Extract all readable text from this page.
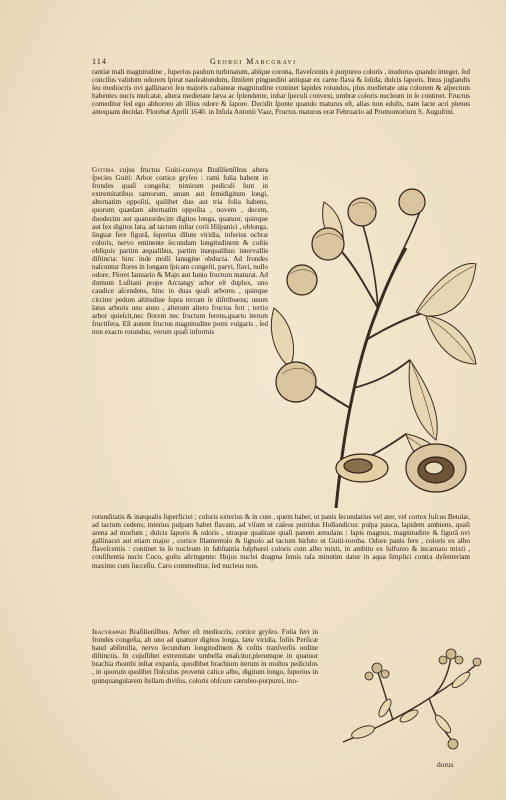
114	Georgi Marcgravi

rantiæ mali magnitudine , ſuperius paulum turbinatum, abſque corona, flaveſcentis è purpureo coloris , inodorus quando integer, ſed conciſus validum odorem ſpirat nauſeabundum, ſimilem pinguedini antiquæ ex carne flava & ſolida, dulcis ſaporis. Intus juglandis ſeu mediocris ovi gallinacei ſeu majoris caſtaneæ magnitudine continet lapides rotundos, plus medietate una colorem & aſpectum habentes nucis muſcatæ, altera medietate læva ac ſplendente, inſtar ſpeculi convexi, umbræ coloris nucleum in ſe continet. Fructus comeditur ſed ego abhorreo ab illius odore & ſapore. Decidit ſponte quando maturus eſt, alias non edulis, nam lacte acri plenus antequam decidat. Florebat Aprili 1640. in Inſula Antonii Vaaz, Fructus maturus erat Februario ad Promontorium S. Auguſtini.

Gvitiba cujus fructus Guiti-coroya Braſilienſibus altera ſpecies Guiti: Arbor cortice gryſeo : rami folia habent in frondes quaſi congeſta: nimirum pediculi ſunt in extremitatibus ramorum, unum aut ſemidigitum longi, alternatim oppoſiti, quilibet duo aut tria folia habens, quorum quædam alternatim oppoſita , novem , decem, duodecim aut quatuordecim digitos longa, quatuor, quinque aut ſex digitos lata, ad tactum inſtar corii Hiſpanici , oblonga, linguæ fere figurâ, ſuperius dilute viridia, inferius ochræ coloris, nervo eminente ſecundum longitudinem & coſtis obliquis partim æqualibus, partim inæqualibus intervallis diſtincta: hinc inde molli lanugine obducta. Ad frondes naſcuntur flores in longam ſpicam congeſti, parvi, flavi, nullo odore. Floret Ianuario & Majo aut Iunio fructum maturat. Ad domum Luſitani prope Arctangy arbor eſt duplex, uno caudice aſcendens, hinc in duas quaſi arbores , quinque circiter pedum altitudine ſupra terram ſe diſtribuens; unum latus arboris uno anno , alterum altero fructus fert ; tertio arbor quieſcit,nec florem nec fructum ferens,quarto iterum fructifera. Eſt autem fructus magnitudine pomi vulgaris , ſed non exacte rotundus, verum quaſi informis

rotunditatis & inæqualis ſuperficiei ; coloris exterius & in cute , quem habet, ut panis ſecundarius vel ater, vel cortex fuſcus Betulæ, ad tactum cedens; interius pulpam habet flavam, ad viſum ut caſeus putridus Hollandicus: pulpa pauca, lapidem ambiens, quaſi arena ad morſum ; dulcis ſaporis & odoris , utraque qualitate quaſi panem æmulans : lapis magnus, magnitudine & figurâ ovi gallinacei aut etiam major , cortice filamentoſo & lignoſo ad tactum hirſuto ut Guiti-toroba. Odore panis fere , coloris ex albo flaveſcentis : continet in ſe nucleum in ſubſtantia ſulphurei coloris cum albo mixti, in ambitu ex ſulfureo & incarnato mixti , conſiſtentia nucis Coco, guſtu aſtringente: Hujus nuclei dragma ſemis raſa minutim datur in aqua ſimplici contra dyſenteriam maximo cum ſucceſſu. Caro commeditur, ſed nucleus non.

Ibacvrapari Braſilienſibus. Arbor eſt mediocris, cortice gryſeo. Folia fert in frondes congeſta, ab uno ad quatuor digitos longa, læte viridia, foliis Perſicæ haud abſimilia, nervo ſecundum longitudinem & coſtis tranſverſis ordine diſtinctis. In cujuſlibet extremitate umbella enaſcitur,plerumque in quatuor brachia rhombi inſtar expanſa, quodlibet brachium iterum in multos pediculos , in quorum quolibet floſculus provenit calice albo, digitum longo, ſuperius in quinquangularem ſtellam diviſus, coloris obſcure cæruleo-purpurei, ino-

dorus
